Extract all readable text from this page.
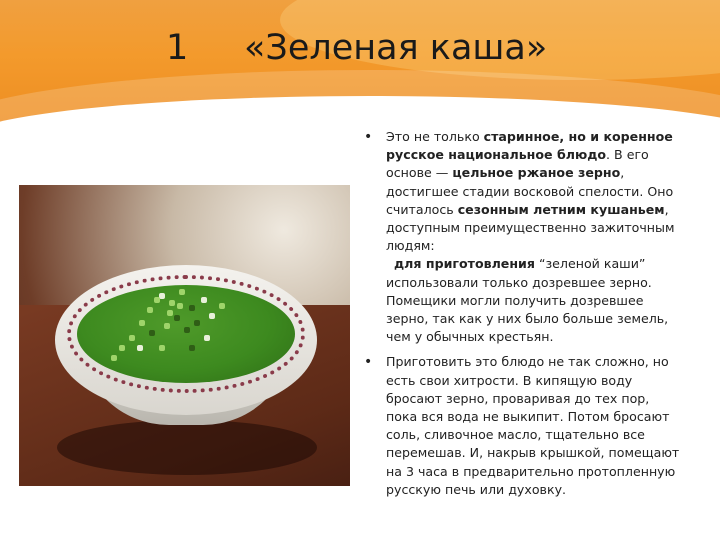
1 «Зеленая каша»
• Это не только старинное, но и коренное русское национальное блюдо. В его основе — цельное ржаное зерно, достигшее стадии восковой спелости. Оно считалось сезонным летним кушаньем, доступным преимущественно зажиточным людям:
для приготовления “зеленой каши” использовали только дозревшее зерно. Помещики могли получить дозревшее зерно, так как у них было больше земель, чем у обычных крестьян.

• Приготовить это блюдо не так сложно, но есть свои хитрости. В кипящую воду бросают зерно, проваривая до тех пор, пока вся вода не выкипит. Потом бросают соль, сливочное масло, тщательно все перемешав. И, накрыв крышкой, помещают на 3 часа в предварительно протопленную русскую печь или духовку.
